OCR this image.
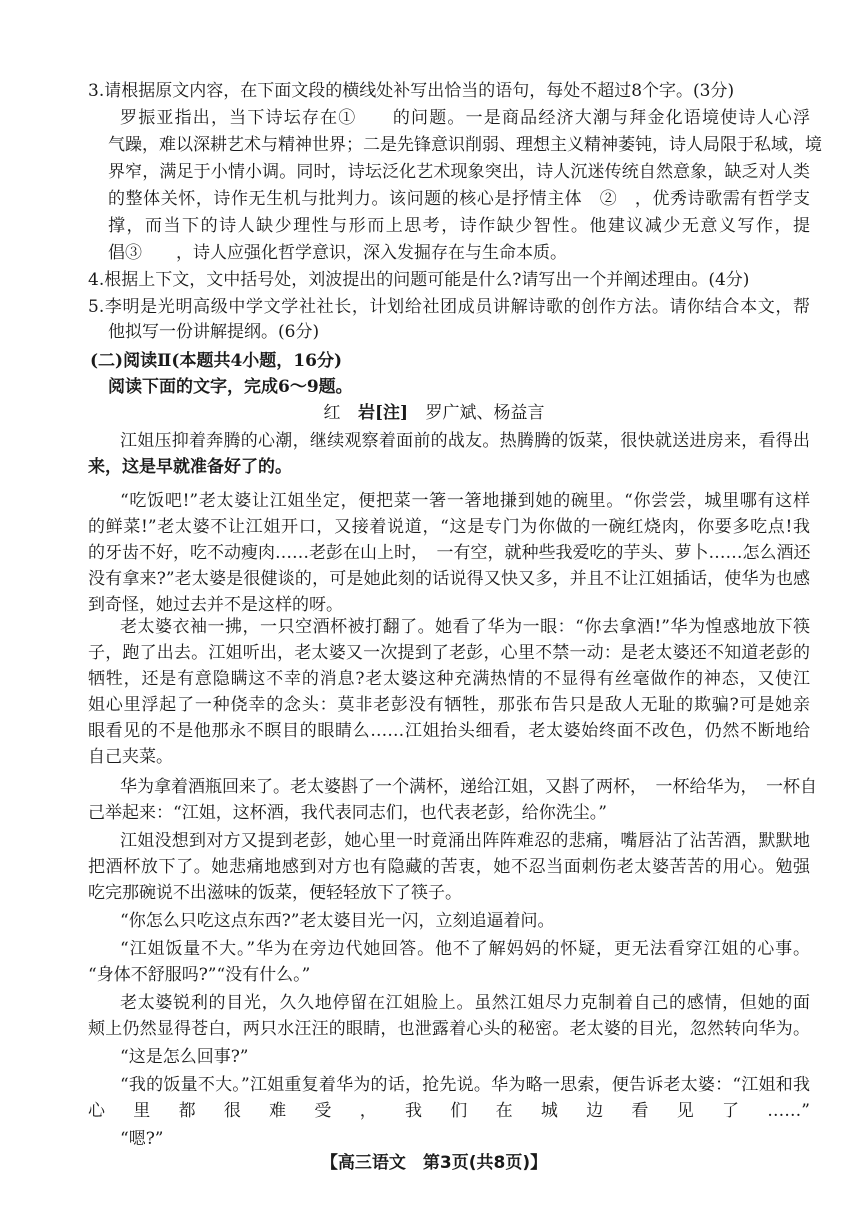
3.请根据原文内容，在下面文段的横线处补写出恰当的语句，每处不超过8个字。(3分)
罗振亚指出，当下诗坛存在①　　的问题。一是商品经济大潮与拜金化语境使诗人心浮
气躁，难以深耕艺术与精神世界；二是先锋意识削弱、理想主义精神萎钝，诗人局限于私域，境
界窄，满足于小情小调。同时，诗坛泛化艺术现象突出，诗人沉迷传统自然意象，缺乏对人类
的整体关怀，诗作无生机与批判力。该问题的核心是抒情主体　②　，优秀诗歌需有哲学支
撑，而当下的诗人缺少理性与形而上思考，诗作缺少智性。他建议减少无意义写作，提
倡③　　，诗人应强化哲学意识，深入发掘存在与生命本质。
4.根据上下文，文中括号处，刘波提出的问题可能是什么?请写出一个并阐述理由。(4分)
5.李明是光明高级中学文学社社长，计划给社团成员讲解诗歌的创作方法。请你结合本文，帮
他拟写一份讲解提纲。(6分)
(二)阅读Ⅱ(本题共4小题，16分)
阅读下面的文字，完成6～9题。
红 岩[注] 罗广斌、杨益言
江姐压抑着奔腾的心潮，继续观察着面前的战友。热腾腾的饭菜，很快就送进房来，看得出
来，这是早就准备好了的。
“吃饭吧!”老太婆让江姐坐定，便把菜一箸一箸地搛到她的碗里。“你尝尝，城里哪有这样
的鲜菜!”老太婆不让江姐开口，又接着说道，“这是专门为你做的一碗红烧肉，你要多吃点!我
的牙齿不好，吃不动瘦肉……老彭在山上时，　一有空，就种些我爱吃的芋头、萝卜……怎么酒还
没有拿来?”老太婆是很健谈的，可是她此刻的话说得又快又多，并且不让江姐插话，使华为也感
到奇怪，她过去并不是这样的呀。
老太婆衣袖一拂，一只空酒杯被打翻了。她看了华为一眼：“你去拿酒!”华为惶惑地放下筷
子，跑了出去。江姐听出，老太婆又一次提到了老彭，心里不禁一动：是老太婆还不知道老彭的
牺牲，还是有意隐瞒这不幸的消息?老太婆这种充满热情的不显得有丝毫做作的神态，又使江
姐心里浮起了一种侥幸的念头：莫非老彭没有牺牲，那张布告只是敌人无耻的欺骗?可是她亲
眼看见的不是他那永不瞑目的眼睛么……江姐抬头细看，老太婆始终面不改色，仍然不断地给
自己夹菜。
华为拿着酒瓶回来了。老太婆斟了一个满杯，递给江姐，又斟了两杯，　一杯给华为，　一杯自
己举起来：“江姐，这杯酒，我代表同志们，也代表老彭，给你洗尘。”
江姐没想到对方又提到老彭，她心里一时竟涌出阵阵难忍的悲痛，嘴唇沾了沾苦酒，默默地
把酒杯放下了。她悲痛地感到对方也有隐藏的苦衷，她不忍当面刺伤老太婆苦苦的用心。勉强
吃完那碗说不出滋味的饭菜，便轻轻放下了筷子。
“你怎么只吃这点东西?”老太婆目光一闪，立刻追逼着问。
“江姐饭量不大。”华为在旁边代她回答。他不了解妈妈的怀疑，更无法看穿江姐的心事。
“身体不舒服吗?”“没有什么。”
老太婆锐利的目光，久久地停留在江姐脸上。虽然江姐尽力克制着自己的感情，但她的面
颊上仍然显得苍白，两只水汪汪的眼睛，也泄露着心头的秘密。老太婆的目光，忽然转向华为。
“这是怎么回事?”
“我的饭量不大。”江姐重复着华为的话，抢先说。华为略一思索，便告诉老太婆：“江姐和我
【高三语文　第3页(共8页)】
心里都很难受，我们在城边看见了……”
“嗯?”
